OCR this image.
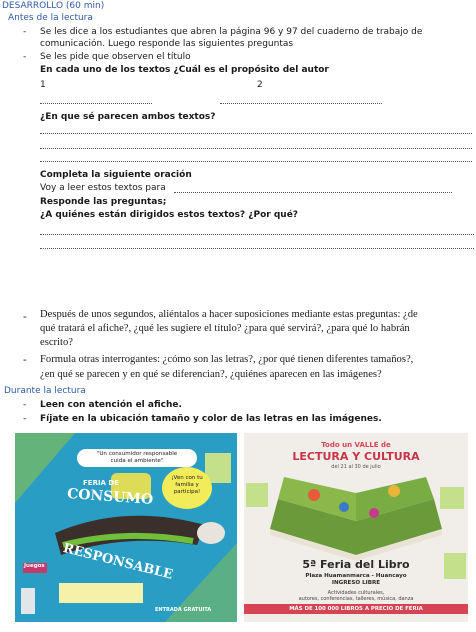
DESARROLLO (60 min)
Antes de la lectura
- Se les dice a los estudiantes que abren la página 96 y 97 del cuaderno de trabajo de
comunicación. Luego responde las siguientes preguntas
- Se les pide que observen el título
En cada uno de los textos ¿Cuál es el propósito del autor
1	2
¿En que sé parecen ambos textos?
Completa la siguiente oración
Voy a leer estos textos para
Responde las preguntas;
¿A quiénes están dirigidos estos textos? ¿Por qué?
- Después de unos segundos, aliéntalos a hacer suposiciones mediante estas preguntas: ¿de
qué tratará el afiche?, ¿qué les sugiere el título? ¿para qué servirá?, ¿para qué lo habrán
escrito?
- Formula otras interrogantes: ¿cómo son las letras?, ¿por qué tienen diferentes tamaños?,
¿en qué se parecen y en qué se diferencian?, ¿quiénes aparecen en las imágenes?
Durante la lectura
- Leen con atención el afiche.
- Fíjate en la ubicación tamaño y color de las letras en las imágenes.
"Un consumidor responsable
cuida el ambiente"
¡Ven con tu
familia y
participa!
FERIA DE
CONSUMO
RESPONSABLE
Juegos
ENTRADA GRATUITA
Todo un VALLE de
LECTURA Y CULTURA
del 21 al 30 de julio
5ª Feria del Libro
Plaza Huamanmarca - Huancayo
INGRESO LIBRE
Actividades culturales,
autores, conferencias, talleres, música, danza
MÁS DE 100 000 LIBROS A PRECIO DE FERIA
